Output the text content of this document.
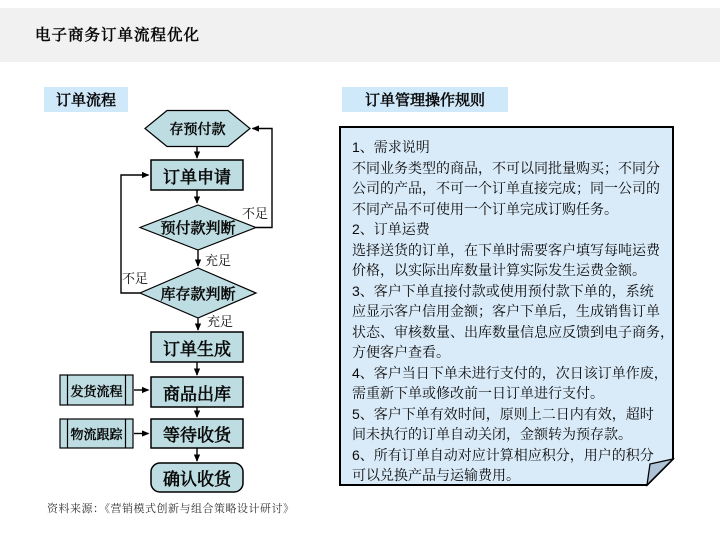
电子商务订单流程优化
订单流程	订单管理操作规则
存预付款
订单申请
预付款判断
库存款判断
订单生成
发货流程	商品出库
物流跟踪	等待收货
确认收货
不足
充足
不足
充足
1、需求说明
不同业务类型的商品，不可以同批量购买；不同分
公司的产品，不可一个订单直接完成；同一公司的
不同产品不可使用一个订单完成订购任务。
2、订单运费
选择送货的订单，在下单时需要客户填写每吨运费
价格，以实际出库数量计算实际发生运费金额。
3、客户下单直接付款或使用预付款下单的，系统
应显示客户信用金额；客户下单后，生成销售订单
状态、审核数量、出库数量信息应反馈到电子商务，
方便客户查看。
4、客户当日下单未进行支付的，次日该订单作废，
需重新下单或修改前一日订单进行支付。
5、客户下单有效时间，原则上二日内有效，超时
间未执行的订单自动关闭，金额转为预存款。
6、所有订单自动对应计算相应积分，用户的积分
可以兑换产品与运输费用。
资料来源：《营销模式创新与组合策略设计研讨》
